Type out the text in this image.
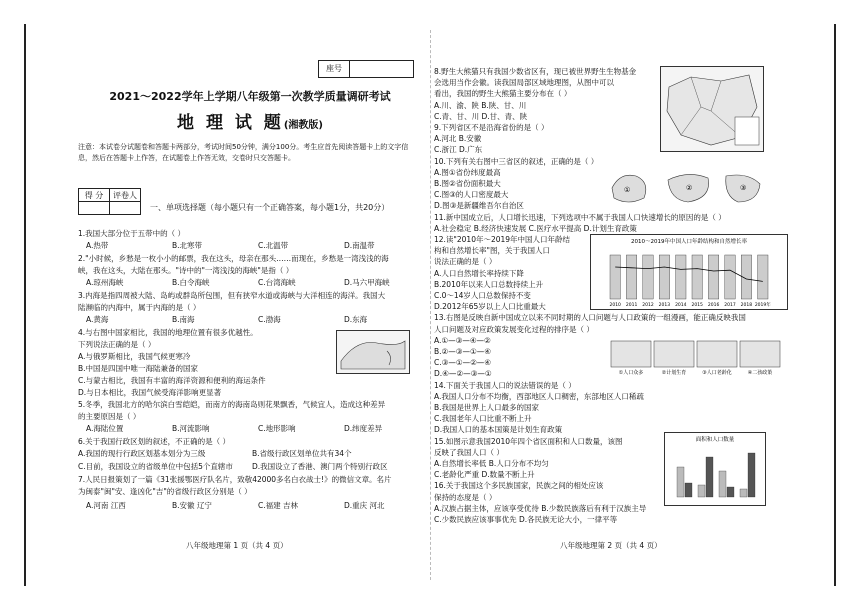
座号
2021～2022学年上学期八年级第一次教学质量调研考试
地 理 试 题(湘教版)
注意：本试卷分试题卷和答题卡两部分，考试时间50分钟，满分100分。考生应首先阅读答题卡上的文字信息，然后在答题卡上作答，在试题卷上作答无效，交卷时只交答题卡。
得 分	评卷人

一、单项选择题（每小题只有一个正确答案，每小题1分，共20分）
1.我国大部分位于五带中的（ ）
A.热带	B.北寒带	C.北温带	D.南温带
2."小时候，乡愁是一枚小小的邮票，我在这头，母亲在那头……而现在，乡愁是一湾浅浅的海
峡，我在这头，大陆在那头。"诗中的"一湾浅浅的海峡"是指（ ）
A.琼州海峡	B.白令海峡	C.台湾海峡	D.马六甲海峡
3.内海是指四周被大陆、岛屿或群岛所包围，但有狭窄水道或海峡与大洋相连的海洋。我国大
陆濒临的内海中，属于内海的是（ ）
A.黄海	B.南海	C.渤海	D.东海
4.与右图中国家相比，我国的地理位置有很多优越性。
下列说法正确的是（ ）
A.与俄罗斯相比，我国气候更寒冷
B.中国是四国中唯一海陆兼备的国家
C.与蒙古相比，我国有丰富的海洋资源和便利的海运条件
D.与日本相比，我国气候受海洋影响更显著
5.冬季，我国北方的哈尔滨白雪皑皑，而南方的海南岛则花果飘香，气候宜人，造成这种差异
的主要原因是（ ）
A.海陆位置	B.河流影响	C.地形影响	D.纬度差异
6.关于我国行政区划的叙述，不正确的是（ ）
A.我国的现行行政区划基本划分为三级	B.省级行政区划单位共有34个
C.目前，我国设立的省级单位中包括5个直辖市	D.我国设立了香港、澳门两个特别行政区
7.人民日报策划了一篇《31张援鄂医疗队名片，致敬42000多名白衣战士!》的微信文章。名片
为闽泰"闽"安、逢凶化"吉"的省级行政区分别是（ ）
A.河南 江西	B.安徽 辽宁	C.福建 吉林	D.重庆 河北
八年级地理第 1 页（共 4 页）
8.野生大熊猫只有我国少数省区有，现已被世界野生生物基金
会选用当作会徽。读我国局部区域地理图，从图中可以
看出，我国的野生大熊猫主要分布在（ ）
A.川、渝、陕 B.陕、甘、川
C.青、甘、川 D.甘、青、陕
9.下列省区不是沿海省份的是（ ）
A.河北 B.安徽
C.浙江 D.广东
10.下列有关右图中三省区的叙述，正确的是（ ）
A.图①省份纬度最高
B.图②省份面积最大
C.图③的人口密度最大
D.图③是新疆维吾尔自治区
11.新中国成立后，人口增长迅速，下列选项中不属于我国人口快速增长的原因的是（ ）
A.社会稳定 B.经济快速发展 C.医疗水平提高 D.计划生育政策
12.读"2010年～2019年中国人口年龄结
构和自然增长率"图，关于我国人口
说法正确的是（ ）
A.人口自然增长率持续下降
B.2010年以来人口总数持续上升
C.0～14岁人口总数保持不变
D.2012年65岁以上人口比重最大
13.右图是反映自新中国成立以来不同时期的人口问题与人口政策的一组漫画，能正确反映我国
人口问题及对应政策发展变化过程的排序是（ ）
A.①—③—④—②
B.②—③—①—④
C.③—①—②—④
D.④—②—③—①
14.下面关于我国人口的说法错误的是（ ）
A.我国人口分布不均衡，西部地区人口稠密，东部地区人口稀疏
B.我国是世界上人口最多的国家
C.我国老年人口比重不断上升
D.我国人口的基本国策是计划生育政策
15.如图示意我国2010年四个省区面积和人口数量，该图
反映了我国人口（ ）
A.自然增长率低 B.人口分布不均匀
C.老龄化严重 D.数量不断上升
16.关于我国这个多民族国家，民族之间的相处应该
保持的态度是（ ）
A.汉族占据主体，应该享受优待 B.少数民族落后有利于汉族主导
C.少数民族应该事事优先 D.各民族无论大小，一律平等
①	②	③
2010～2019年中国人口年龄结构和自然增长率
2010 2011 2012 2013 2014 2015 2016 2017 2018 2019年
①人口众多	②计划生育	③人口老龄化	④二孩政策
面积和人口数量
八年级地理第 2 页（共 4 页）
